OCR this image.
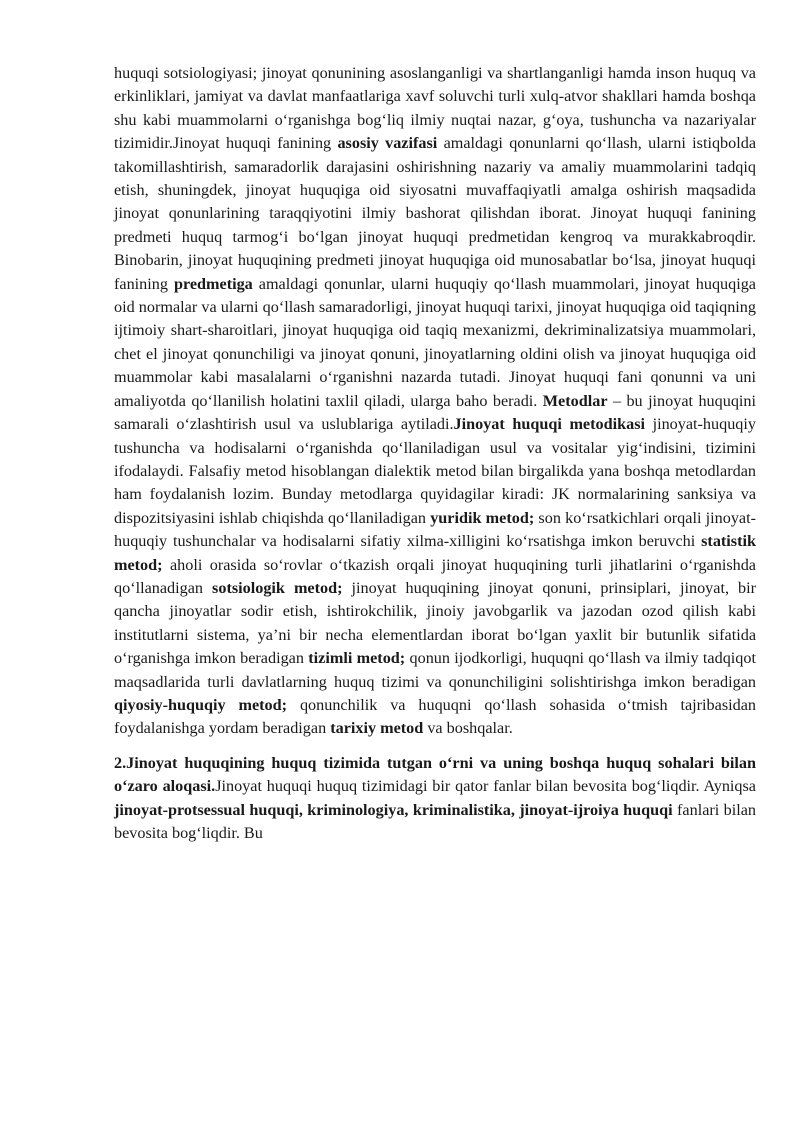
huquqi sotsiologiyasi; jinoyat qonunining asoslanganligi va shartlanganligi hamda inson huquq va erkinliklari, jamiyat va davlat manfaatlariga xavf soluvchi turli xulq-atvor shakllari hamda boshqa shu kabi muammolarni o‘rganishga bog‘liq ilmiy nuqtai nazar, g‘oya, tushuncha va nazariyalar tizimidir.Jinoyat huquqi fanining asosiy vazifasi amaldagi qonunlarni qo‘llash, ularni istiqbolda takomillashtirish, samaradorlik darajasini oshirishning nazariy va amaliy muammolarini tadqiq etish, shuningdek, jinoyat huquqiga oid siyosatni muvaffaqiyatli amalga oshirish maqsadida jinoyat qonunlarining taraqqiyotini ilmiy bashorat qilishdan iborat. Jinoyat huquqi fanining predmeti huquq tarmog‘i bo‘lgan jinoyat huquqi predmetidan kengroq va murakkabroqdir. Binobarin, jinoyat huquqining predmeti jinoyat huquqiga oid munosabatlar bo‘lsa, jinoyat huquqi fanining predmetiga amaldagi qonunlar, ularni huquqiy qo‘llash muammolari, jinoyat huquqiga oid normalar va ularni qo‘llash samaradorligi, jinoyat huquqi tarixi, jinoyat huquqiga oid taqiqning ijtimoiy shart-sharoitlari, jinoyat huquqiga oid taqiq mexanizmi, dekriminalizatsiya muammolari, chet el jinoyat qonunchiligi va jinoyat qonuni, jinoyatlarning oldini olish va jinoyat huquqiga oid muammolar kabi masalalarni o‘rganishni nazarda tutadi. Jinoyat huquqi fani qonunni va uni amaliyotda qo‘llanilish holatini taxlil qiladi, ularga baho beradi. Metodlar – bu jinoyat huquqini samarali o‘zlashtirish usul va uslublariga aytiladi.Jinoyat huquqi metodikasi jinoyat-huquqiy tushuncha va hodisalarni o‘rganishda qo‘llaniladigan usul va vositalar yig‘indisini, tizimini ifodalaydi. Falsafiy metod hisoblangan dialektik metod bilan birgalikda yana boshqa metodlardan ham foydalanish lozim. Bunday metodlarga quyidagilar kiradi: JK normalarining sanksiya va dispozitsiyasini ishlab chiqishda qo‘llaniladigan yuridik metod; son ko‘rsatkichlari orqali jinoyat-huquqiy tushunchalar va hodisalarni sifatiy xilma-xilligini ko‘rsatishga imkon beruvchi statistik metod; aholi orasida so‘rovlar o‘tkazish orqali jinoyat huquqining turli jihatlarini o‘rganishda qo‘llanadigan sotsiologik metod; jinoyat huquqining jinoyat qonuni, prinsiplari, jinoyat, bir qancha jinoyatlar sodir etish, ishtirokchilik, jinoiy javobgarlik va jazodan ozod qilish kabi institutlarni sistema, ya’ni bir necha elementlardan iborat bo‘lgan yaxlit bir butunlik sifatida o‘rganishga imkon beradigan tizimli metod; qonun ijodkorligi, huquqni qo‘llash va ilmiy tadqiqot maqsadlarida turli davlatlarning huquq tizimi va qonunchiligini solishtirishga imkon beradigan qiyosiy-huquqiy metod; qonunchilik va huquqni qo‘llash sohasida o‘tmish tajribasidan foydalanishga yordam beradigan tarixiy metod va boshqalar.

2.Jinoyat huquqining huquq tizimida tutgan o‘rni va uning boshqa huquq sohalari bilan o‘zaro aloqasi.Jinoyat huquqi huquq tizimidagi bir qator fanlar bilan bevosita bog‘liqdir. Ayniqsa jinoyat-protsessual huquqi, kriminologiya, kriminalistika, jinoyat-ijroiya huquqi fanlari bilan bevosita bog‘liqdir. Bu
